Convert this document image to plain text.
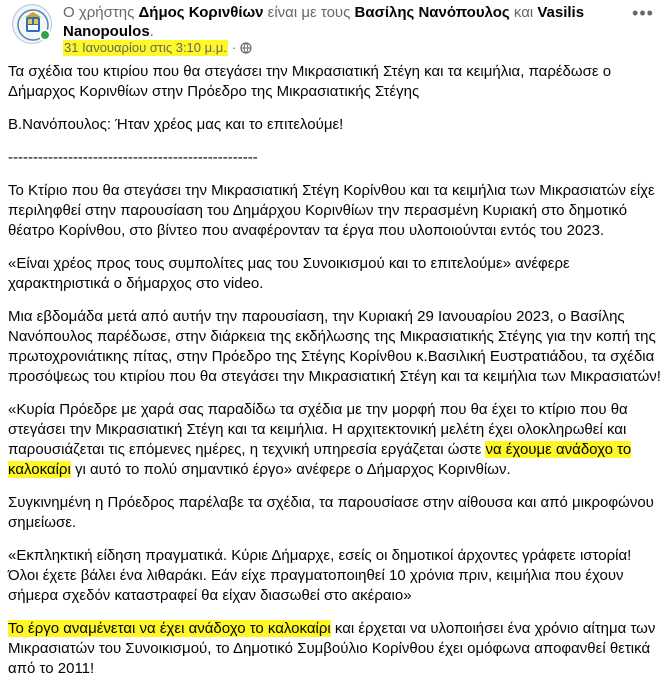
Ο χρήστης Δήμος Κορινθίων είναι με τους Βασίλης Νανόπουλος και Vasilis Nanopoulos.
31 Ιανουαρίου στις 3:10 μ.μ. ·
•••

Τα σχέδια του κτιρίου που θα στεγάσει την Μικρασιατική Στέγη και τα κειμήλια, παρέδωσε ο Δήμαρχος Κορινθίων στην Πρόεδρο της Μικρασιατικής Στέγης

Β.Νανόπουλος: Ήταν χρέος μας και το επιτελούμε!

--------------------------------------------------

Το Κτίριο που θα στεγάσει την Μικρασιατική Στέγη Κορίνθου και τα κειμήλια των Μικρασιατών είχε περιληφθεί στην παρουσίαση του Δημάρχου Κορινθίων την περασμένη Κυριακή στο δημοτικό θέατρο Κορίνθου, στο βίντεο που αναφέρονταν τα έργα που υλοποιούνται εντός του 2023.

«Είναι χρέος προς τους συμπολίτες μας του Συνοικισμού και το επιτελούμε» ανέφερε χαρακτηριστικά ο δήμαρχος στο video.

Μια εβδομάδα μετά από αυτήν την παρουσίαση, την Κυριακή 29 Ιανουαρίου 2023, ο Βασίλης Νανόπουλος παρέδωσε, στην διάρκεια της εκδήλωσης της Μικρασιατικής Στέγης για την κοπή της πρωτοχρονιάτικης πίτας, στην Πρόεδρο της Στέγης Κορίνθου κ.Βασιλική Ευστρατιάδου, τα σχέδια προσόψεως του κτιρίου που θα στεγάσει την Μικρασιατική Στέγη και τα κειμήλια των Μικρασιατών!

«Κυρία Πρόεδρε με χαρά σας παραδίδω τα σχέδια με την μορφή που θα έχει το κτίριο που θα στεγάσει την Μικρασιατική Στέγη και τα κειμήλια. Η αρχιτεκτονική μελέτη έχει ολοκληρωθεί και παρουσιάζεται τις επόμενες ημέρες, η τεχνική υπηρεσία εργάζεται ώστε να έχουμε ανάδοχο το καλοκαίρι γι αυτό το πολύ σημαντικό έργο» ανέφερε ο Δήμαρχος Κορινθίων.

Συγκινημένη η Πρόεδρος παρέλαβε τα σχέδια, τα παρουσίασε στην αίθουσα και από μικροφώνου σημείωσε.

«Εκπληκτική είδηση πραγματικά. Κύριε Δήμαρχε, εσείς οι δημοτικοί άρχοντες γράφετε ιστορία! Όλοι έχετε βάλει ένα λιθαράκι. Εάν είχε πραγματοποιηθεί 10 χρόνια πριν, κειμήλια που έχουν σήμερα σχεδόν καταστραφεί θα είχαν διασωθεί στο ακέραιο»

Το έργο αναμένεται να έχει ανάδοχο το καλοκαίρι και έρχεται να υλοποιήσει ένα χρόνιο αίτημα των Μικρασιατών του Συνοικισμού, το Δημοτικό Συμβούλιο Κορίνθου έχει ομόφωνα αποφανθεί θετικά από το 2011!
